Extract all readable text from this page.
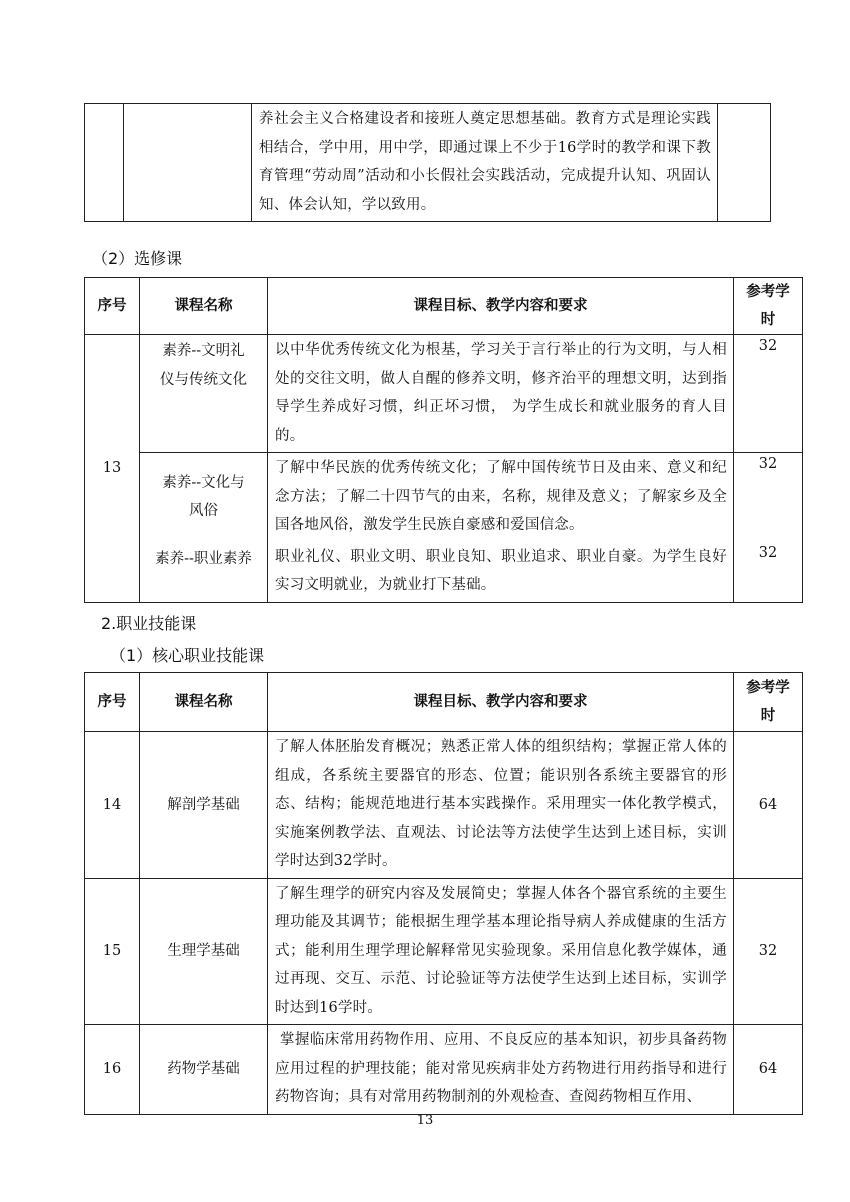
养社会主义合格建设者和接班人奠定思想基础。教育方式是理论实践相结合，学中用，用中学，即通过课上不少于16学时的教学和课下教育管理“劳动周”活动和小长假社会实践活动，完成提升认知、巩固认知、体会认知，学以致用。

（2）选修课
序号	课程名称	课程目标、教学内容和要求	参考学时
13	素养--文明礼仪与传统文化	以中华优秀传统文化为根基，学习关于言行举止的行为文明，与人相处的交往文明，做人自醒的修养文明，修齐治平的理想文明，达到指导学生养成好习惯，纠正坏习惯， 为学生成长和就业服务的育人目的。	32
	素养--文化与风俗	了解中华民族的优秀传统文化；了解中国传统节日及由来、意义和纪念方法；了解二十四节气的由来，名称，规律及意义；了解家乡及全国各地风俗，激发学生民族自豪感和爱国信念。	32
	素养--职业素养	职业礼仪、职业文明、职业良知、职业追求、职业自豪。为学生良好实习文明就业，为就业打下基础。	32
2.职业技能课
（1）核心职业技能课
序号	课程名称	课程目标、教学内容和要求	参考学时
14	解剖学基础	了解人体胚胎发育概况；熟悉正常人体的组织结构；掌握正常人体的组成，各系统主要器官的形态、位置；能识别各系统主要器官的形态、结构；能规范地进行基本实践操作。采用理实一体化教学模式，实施案例教学法、直观法、讨论法等方法使学生达到上述目标，实训学时达到32学时。	64
15	生理学基础	了解生理学的研究内容及发展简史；掌握人体各个器官系统的主要生理功能及其调节；能根据生理学基本理论指导病人养成健康的生活方式；能利用生理学理论解释常见实验现象。采用信息化教学媒体，通过再现、交互、示范、讨论验证等方法使学生达到上述目标，实训学时达到16学时。	32
16	药物学基础	掌握临床常用药物作用、应用、不良反应的基本知识，初步具备药物应用过程的护理技能；能对常见疾病非处方药物进行用药指导和进行药物咨询；具有对常用药物制剂的外观检查、查阅药物相互作用、	64
13
